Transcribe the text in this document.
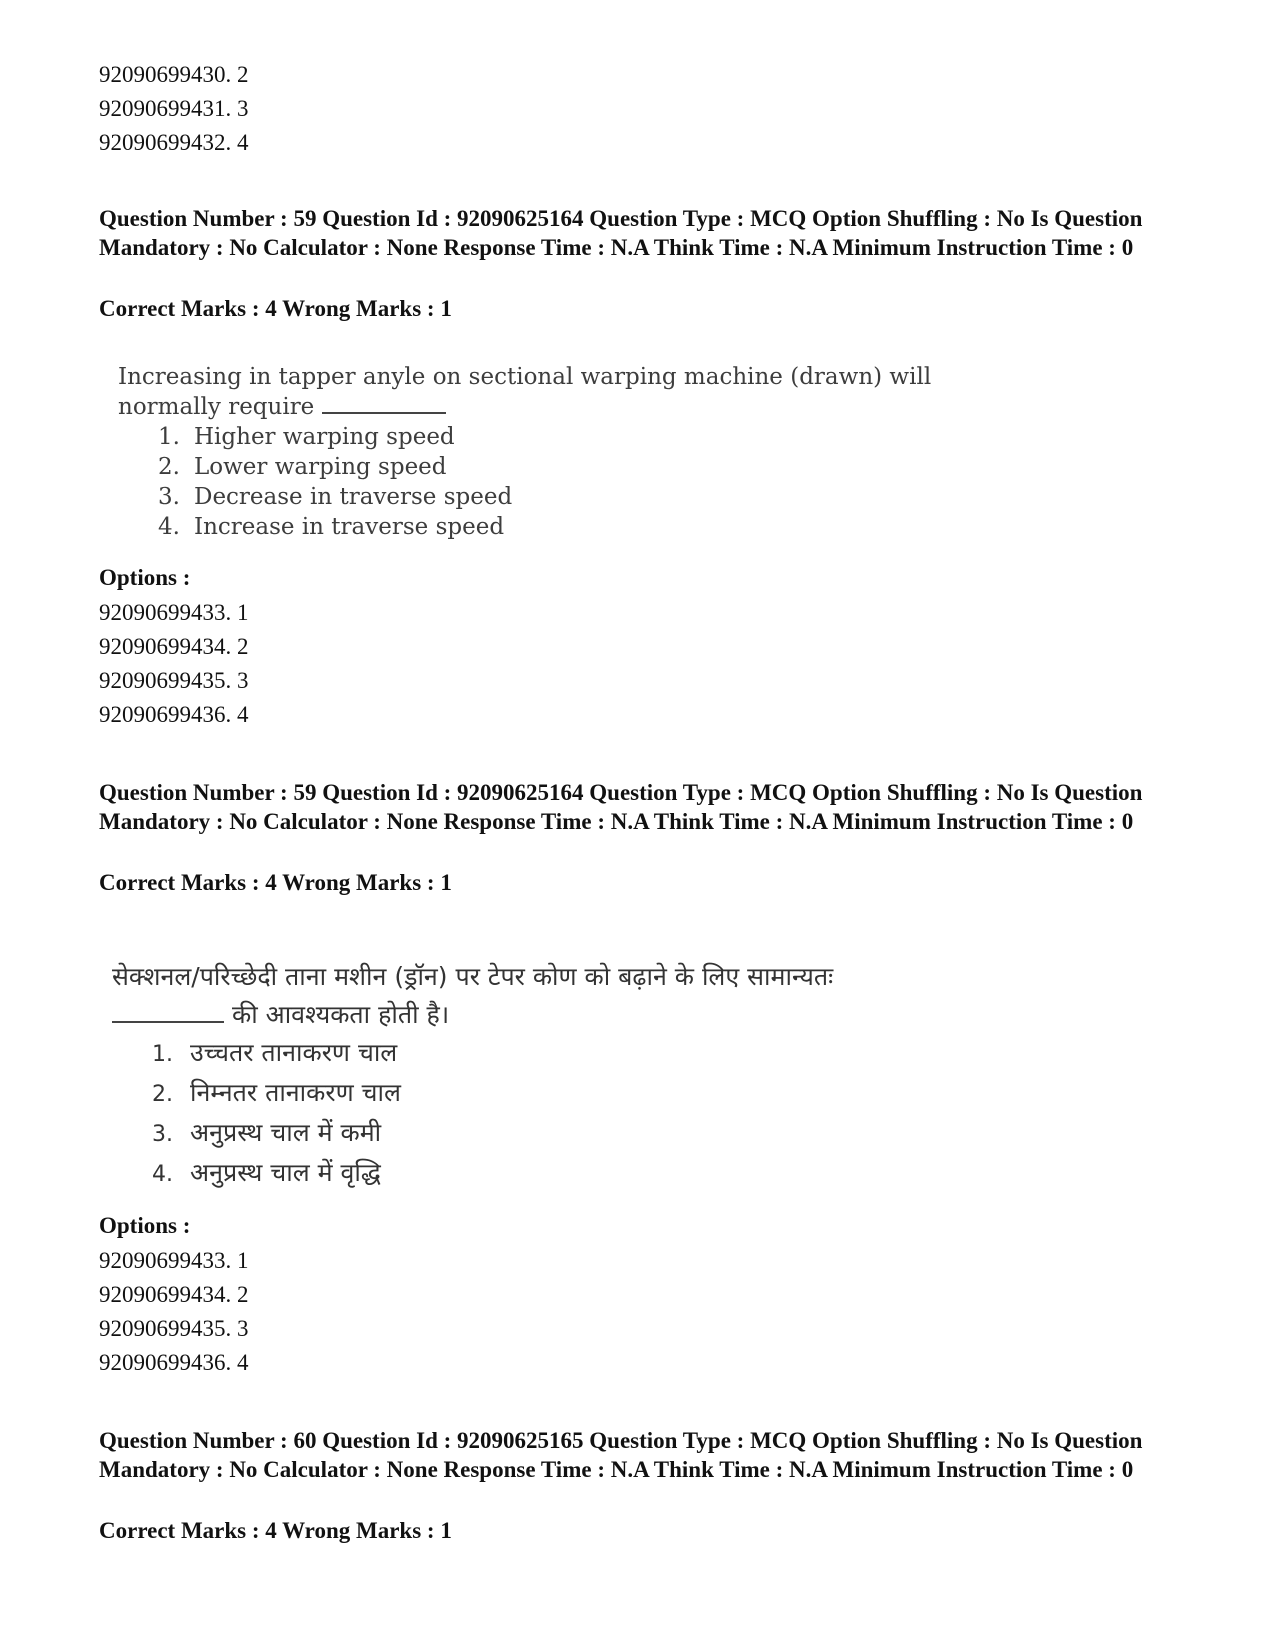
92090699430. 2
92090699431. 3
92090699432. 4
Question Number : 59 Question Id : 92090625164 Question Type : MCQ Option Shuffling : No Is Question Mandatory : No Calculator : None Response Time : N.A Think Time : N.A Minimum Instruction Time : 0
Correct Marks : 4 Wrong Marks : 1

Increasing in tapper anyle on sectional warping machine (drawn) will

normally require

1. Higher warping speed
2. Lower warping speed
3. Decrease in traverse speed
4. Increase in traverse speed
Options :
92090699433. 1
92090699434. 2
92090699435. 3
92090699436. 4
Question Number : 59 Question Id : 92090625164 Question Type : MCQ Option Shuffling : No Is Question Mandatory : No Calculator : None Response Time : N.A Think Time : N.A Minimum Instruction Time : 0
Correct Marks : 4 Wrong Marks : 1

सेक्शनल/परिच्छेदी ताना मशीन (ड्रॉन) पर टेपर कोण को बढ़ाने के लिए सामान्यतः

की आवश्यकता होती है।

1. उच्चतर तानाकरण चाल
2. निम्नतर तानाकरण चाल
3. अनुप्रस्थ चाल में कमी
4. अनुप्रस्थ चाल में वृद्धि
Options :
92090699433. 1
92090699434. 2
92090699435. 3
92090699436. 4
Question Number : 60 Question Id : 92090625165 Question Type : MCQ Option Shuffling : No Is Question Mandatory : No Calculator : None Response Time : N.A Think Time : N.A Minimum Instruction Time : 0
Correct Marks : 4 Wrong Marks : 1
